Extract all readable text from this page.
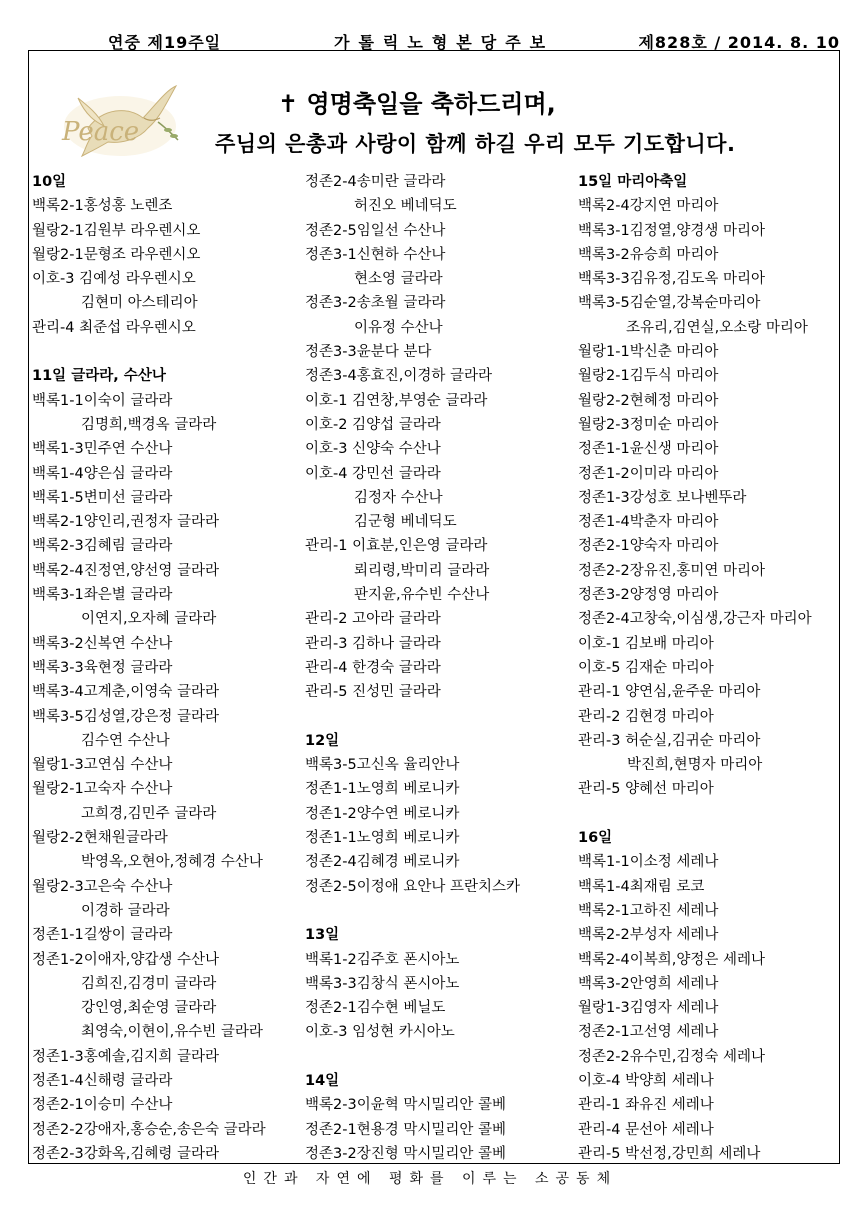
연중 제19주일	가톨릭노형본당주보	제828호 / 2014. 8. 10
Peace
✝ 영명축일을 축하드리며,
주님의 은총과 사랑이 함께 하길 우리 모두 기도합니다.
10일
백록2-1홍성홍 노렌조
월랑2-1김원부 라우렌시오
월랑2-1문형조 라우렌시오
이호-3 김예성 라우렌시오
김현미 아스테리아
관리-4 최준섭 라우렌시오
11일 글라라, 수산나
백록1-1이숙이 글라라
김명희,백경옥 글라라
백록1-3민주연 수산나
백록1-4양은심 글라라
백록1-5변미선 글라라
백록2-1양인리,권정자 글라라
백록2-3김혜림 글라라
백록2-4진정연,양선영 글라라
백록3-1좌은별 글라라
이연지,오자혜 글라라
백록3-2신복연 수산나
백록3-3육현정 글라라
백록3-4고계춘,이영숙 글라라
백록3-5김성열,강은정 글라라
김수연 수산나
월랑1-3고연심 수산나
월랑2-1고숙자 수산나
고희경,김민주 글라라
월랑2-2현채원글라라
박영옥,오현아,정혜경 수산나
월랑2-3고은숙 수산나
이경하 글라라
정존1-1길쌍이 글라라
정존1-2이애자,양갑생 수산나
김희진,김경미 글라라
강인영,최순영 글라라
최영숙,이현이,유수빈 글라라
정존1-3홍예솔,김지희 글라라
정존1-4신해령 글라라
정존2-1이승미 수산나
정존2-2강애자,홍승순,송은숙 글라라
정존2-3강화옥,김혜령 글라라
정존2-4송미란 글라라
허진오 베네딕도
정존2-5임일선 수산나
정존3-1신현하 수산나
현소영 글라라
정존3-2송초월 글라라
이유정 수산나
정존3-3윤분다 분다
정존3-4홍효진,이경하 글라라
이호-1 김연창,부영순 글라라
이호-2 김양섭 글라라
이호-3 신양숙 수산나
이호-4 강민선 글라라
김정자 수산나
김군형 베네딕도
관리-1 이효분,인은영 글라라
뢰리령,박미리 글라라
판지윤,유수빈 수산나
관리-2 고아라 글라라
관리-3 김하나 글라라
관리-4 한경숙 글라라
관리-5 진성민 글라라
12일
백록3-5고신옥 율리안나
정존1-1노영희 베로니카
정존1-2양수연 베로니카
정존1-1노영희 베로니카
정존2-4김혜경 베로니카
정존2-5이정애 요안나 프란치스카
13일
백록1-2김주호 폰시아노
백록3-3김창식 폰시아노
정존2-1김수현 베닐도
이호-3 임성현 카시아노
14일
백록2-3이윤혁 막시밀리안 콜베
정존2-1현용경 막시밀리안 콜베
정존3-2장진형 막시밀리안 콜베
15일 마리아축일
백록2-4강지연 마리아
백록3-1김정열,양경생 마리아
백록3-2유승희 마리아
백록3-3김유정,김도옥 마리아
백록3-5김순열,강복순마리아
조유리,김연실,오소랑 마리아
월랑1-1박신춘 마리아
월랑2-1김두식 마리아
월랑2-2현혜정 마리아
월랑2-3정미순 마리아
정존1-1윤신생 마리아
정존1-2이미라 마리아
정존1-3강성호 보나벤뚜라
정존1-4박춘자 마리아
정존2-1양숙자 마리아
정존2-2장유진,홍미연 마리아
정존3-2양정영 마리아
정존2-4고창숙,이심생,강근자 마리아
이호-1 김보배 마리아
이호-5 김재순 마리아
관리-1 양연심,윤주운 마리아
관리-2 김현경 마리아
관리-3 허순실,김귀순 마리아
박진희,현명자 마리아
관리-5 양혜선 마리아
16일
백록1-1이소정 세레나
백록1-4최재림 로코
백록2-1고하진 세레나
백록2-2부성자 세레나
백록2-4이복희,양정은 세레나
백록3-2안영희 세레나
월랑1-3김영자 세레나
정존2-1고선영 세레나
정존2-2유수민,김정숙 세레나
이호-4 박양희 세레나
관리-1 좌유진 세레나
관리-4 문선아 세레나
관리-5 박선정,강민희 세레나
인간과 자연에 평화를 이루는 소공동체
